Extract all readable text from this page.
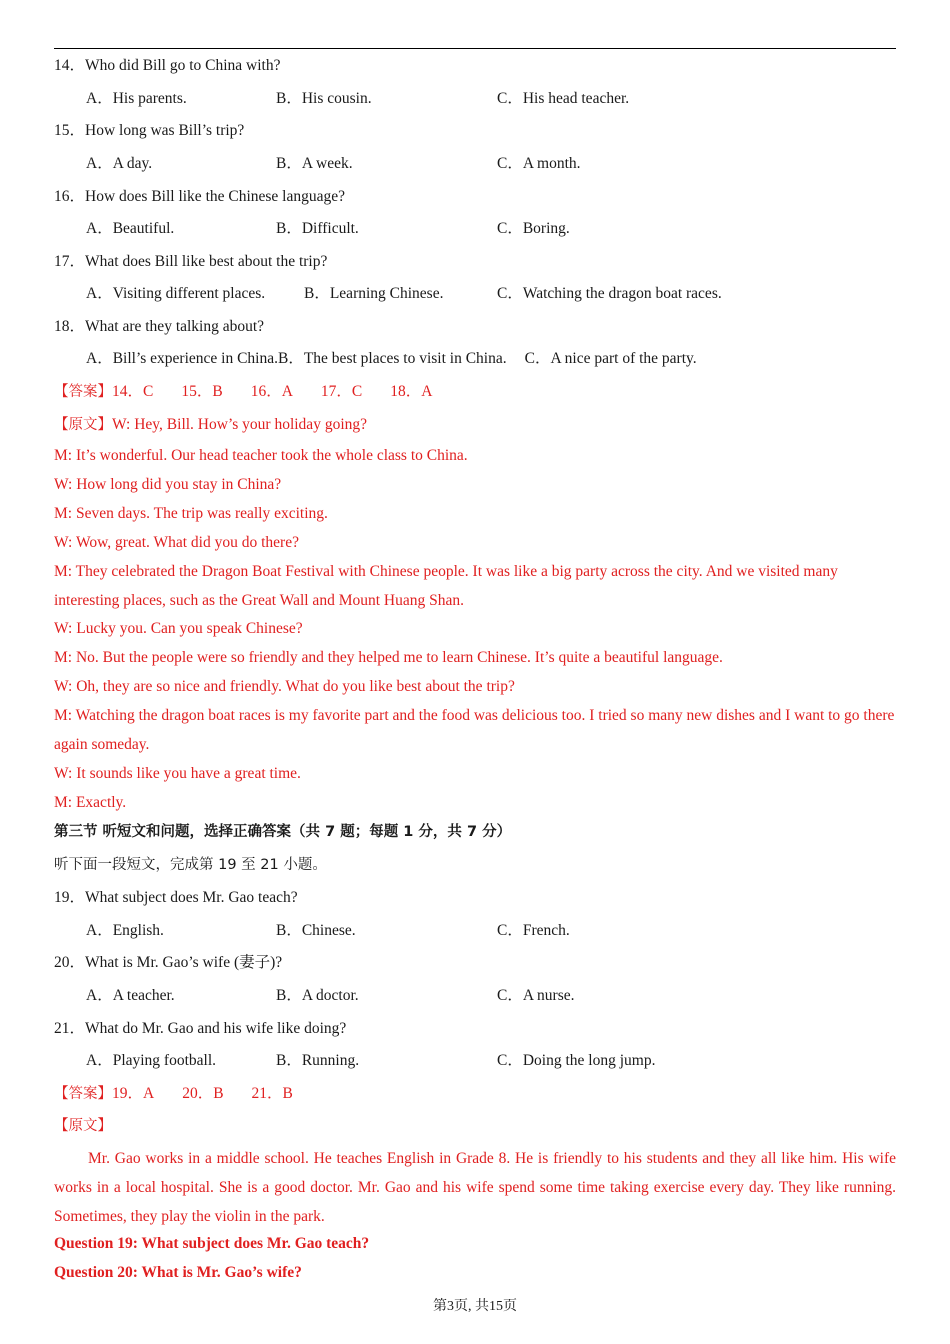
14．Who did Bill go to China with?
A．His parents.	B．His cousin.	C．His head teacher.
15．How long was Bill’s trip?
A．A day.	B．A week.	C．A month.
16．How does Bill like the Chinese language?
A．Beautiful.	B．Difficult.	C．Boring.
17．What does Bill like best about the trip?
A．Visiting different places.	B．Learning Chinese.	C．Watching the dragon boat races.
18．What are they talking about?
A．Bill’s experience in China.B．The best places to visit in China. C．A nice part of the party.
【答案】14．C 15．B 16．A 17．C 18．A
【原文】W: Hey, Bill. How’s your holiday going?
M: It’s wonderful. Our head teacher took the whole class to China.
W: How long did you stay in China?
M: Seven days. The trip was really exciting.
W: Wow, great. What did you do there?
M: They celebrated the Dragon Boat Festival with Chinese people. It was like a big party across the city. And we visited many interesting places, such as the Great Wall and Mount Huang Shan.
W: Lucky you. Can you speak Chinese?
M: No. But the people were so friendly and they helped me to learn Chinese. It’s quite a beautiful language.
W: Oh, they are so nice and friendly. What do you like best about the trip?
M: Watching the dragon boat races is my favorite part and the food was delicious too. I tried so many new dishes and I want to go there again someday.
W: It sounds like you have a great time.
M: Exactly.
第三节 听短文和问题，选择正确答案（共 7 题；每题 1 分，共 7 分）
听下面一段短文，完成第 19 至 21 小题。
19．What subject does Mr. Gao teach?
A．English.	B．Chinese.	C．French.
20．What is Mr. Gao’s wife (妻子)?
A．A teacher.	B．A doctor.	C．A nurse.
21．What do Mr. Gao and his wife like doing?
A．Playing football.	B．Running.	C．Doing the long jump.
【答案】19．A 20．B 21．B
【原文】
Mr. Gao works in a middle school. He teaches English in Grade 8. He is friendly to his students and they all like him. His wife works in a local hospital. She is a good doctor. Mr. Gao and his wife spend some time taking exercise every day. They like running. Sometimes, they play the violin in the park.
Question 19: What subject does Mr. Gao teach?
Question 20: What is Mr. Gao’s wife?
第3页, 共15页
